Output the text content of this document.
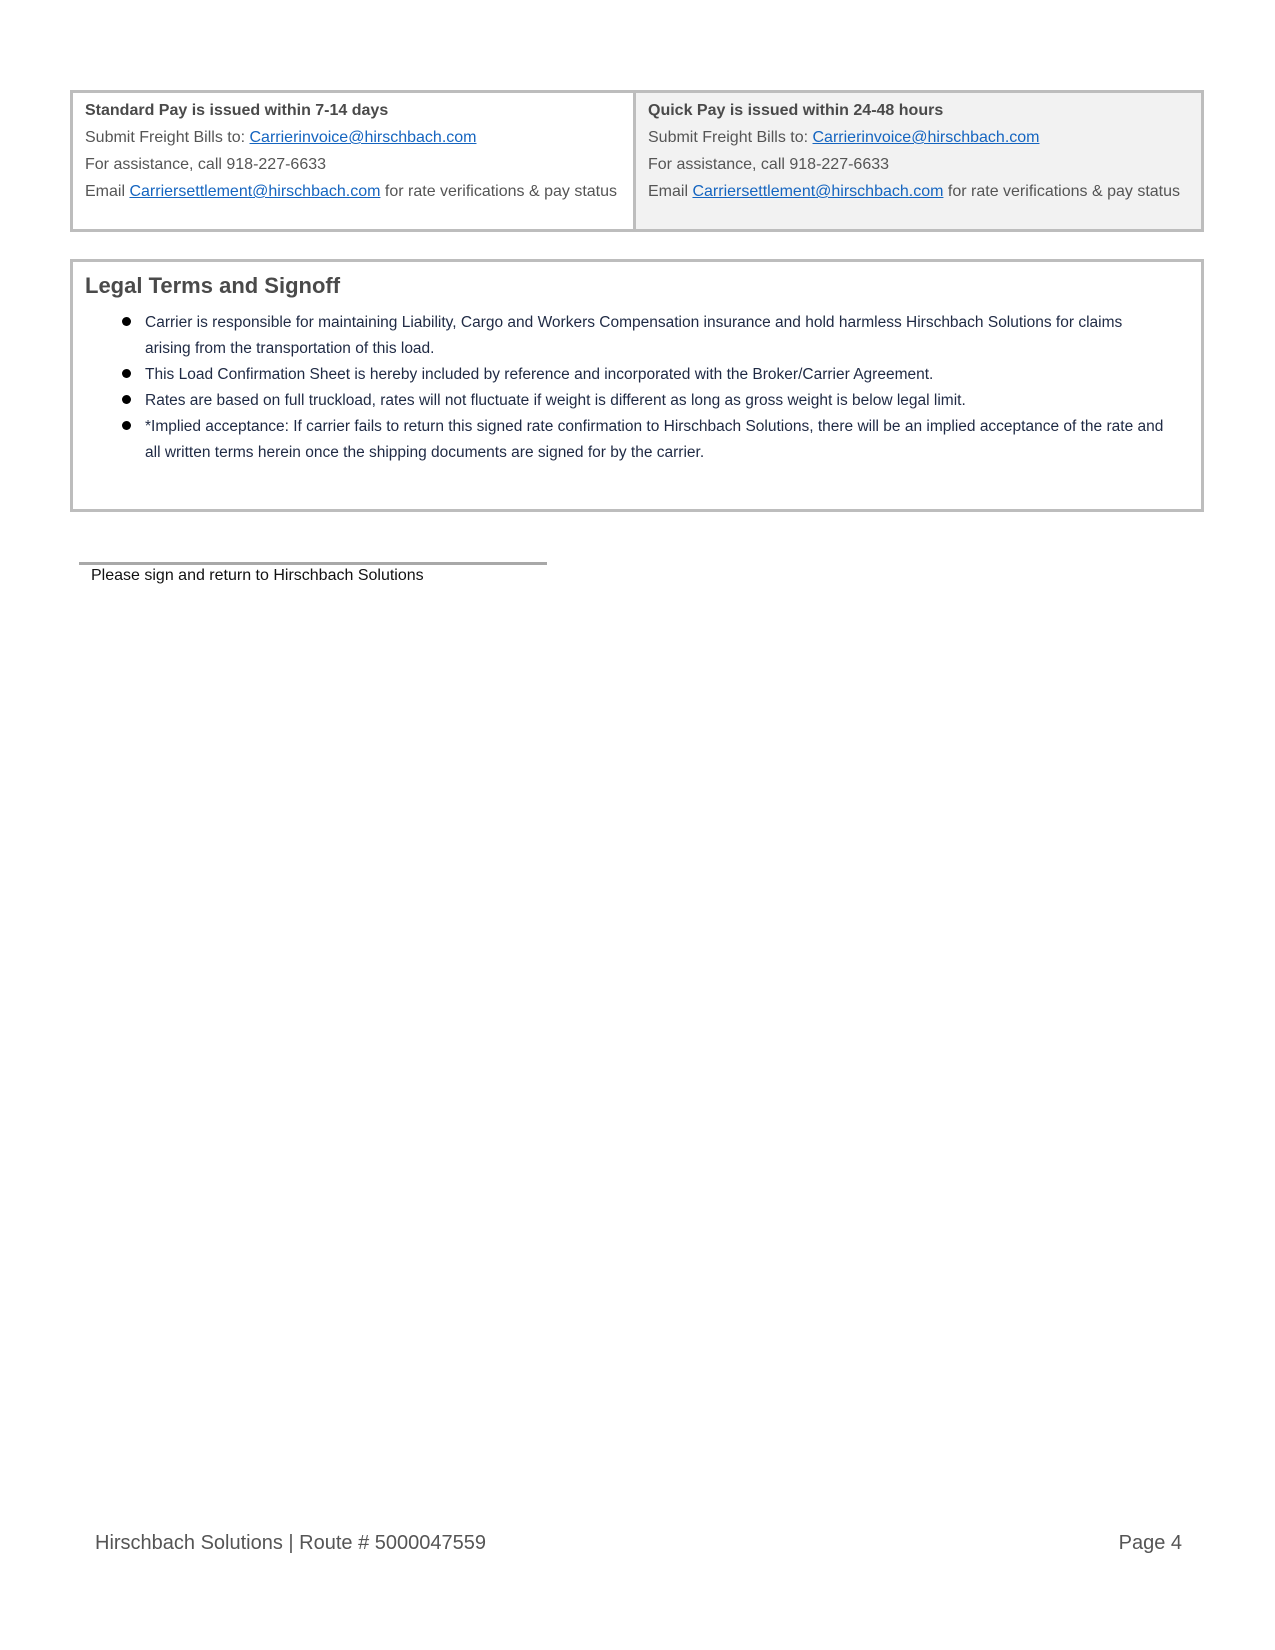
Standard Pay is issued within 7-14 days
Submit Freight Bills to: Carrierinvoice@hirschbach.com
For assistance, call 918-227-6633
Email Carriersettlement@hirschbach.com for rate verifications & pay status
Quick Pay is issued within 24-48 hours
Submit Freight Bills to: Carrierinvoice@hirschbach.com
For assistance, call 918-227-6633
Email Carriersettlement@hirschbach.com for rate verifications & pay status
Legal Terms and Signoff
Carrier is responsible for maintaining Liability, Cargo and Workers Compensation insurance and hold harmless Hirschbach Solutions for claims arising from the transportation of this load.
This Load Confirmation Sheet is hereby included by reference and incorporated with the Broker/Carrier Agreement.
Rates are based on full truckload, rates will not fluctuate if weight is different as long as gross weight is below legal limit.
*Implied acceptance: If carrier fails to return this signed rate confirmation to Hirschbach Solutions, there will be an implied acceptance of the rate and all written terms herein once the shipping documents are signed for by the carrier.
Please sign and return to Hirschbach Solutions
Hirschbach Solutions | Route # 5000047559	Page 4
